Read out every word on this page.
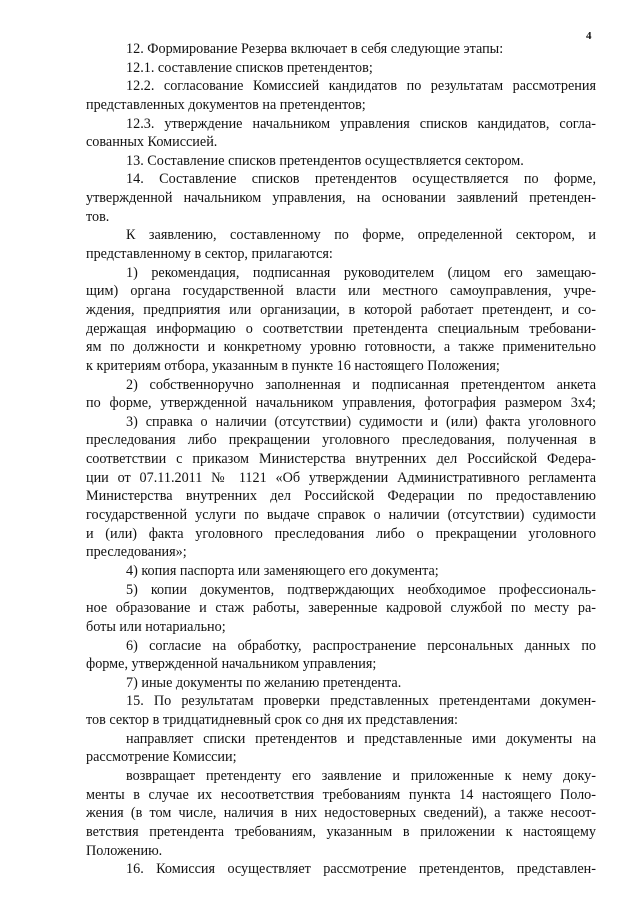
4
12. Формирование Резерва включает в себя следующие этапы:
12.1. составление списков претендентов;
12.2. согласование Комиссией кандидатов по результатам рассмотрения
представленных документов на претендентов;
12.3. утверждение начальником управления списков кандидатов, согла-
сованных Комиссией.
13. Составление списков претендентов осуществляется сектором.
14. Составление списков претендентов осуществляется по форме,
утвержденной начальником управления, на основании заявлений претенден-
тов.
К заявлению, составленному по форме, определенной сектором, и
представленному в сектор, прилагаются:
1) рекомендация, подписанная руководителем (лицом его замещаю-
щим) органа государственной власти или местного самоуправления, учре-
ждения, предприятия или организации, в которой работает претендент, и со-
держащая информацию о соответствии претендента специальным требовани-
ям по должности и конкретному уровню готовности, а также применительно
к критериям отбора, указанным в пункте 16 настоящего Положения;
2) собственноручно заполненная и подписанная претендентом анкета
по форме, утвержденной начальником управления, фотография размером 3х4;
3) справка о наличии (отсутствии) судимости и (или) факта уголовного
преследования либо прекращении уголовного преследования, полученная в
соответствии с приказом Министерства внутренних дел Российской Федера-
ции от 07.11.2011 № 1121 «Об утверждении Административного регламента
Министерства внутренних дел Российской Федерации по предоставлению
государственной услуги по выдаче справок о наличии (отсутствии) судимости
и (или) факта уголовного преследования либо о прекращении уголовного
преследования»;
4) копия паспорта или заменяющего его документа;
5) копии документов, подтверждающих необходимое профессиональ-
ное образование и стаж работы, заверенные кадровой службой по месту ра-
боты или нотариально;
6) согласие на обработку, распространение персональных данных по
форме, утвержденной начальником управления;
7) иные документы по желанию претендента.
15. По результатам проверки представленных претендентами докумен-
тов сектор в тридцатидневный срок со дня их представления:
направляет списки претендентов и представленные ими документы на
рассмотрение Комиссии;
возвращает претенденту его заявление и приложенные к нему доку-
менты в случае их несоответствия требованиям пункта 14 настоящего Поло-
жения (в том числе, наличия в них недостоверных сведений), а также несоот-
ветствия претендента требованиям, указанным в приложении к настоящему
Положению.
16. Комиссия осуществляет рассмотрение претендентов, представлен-
